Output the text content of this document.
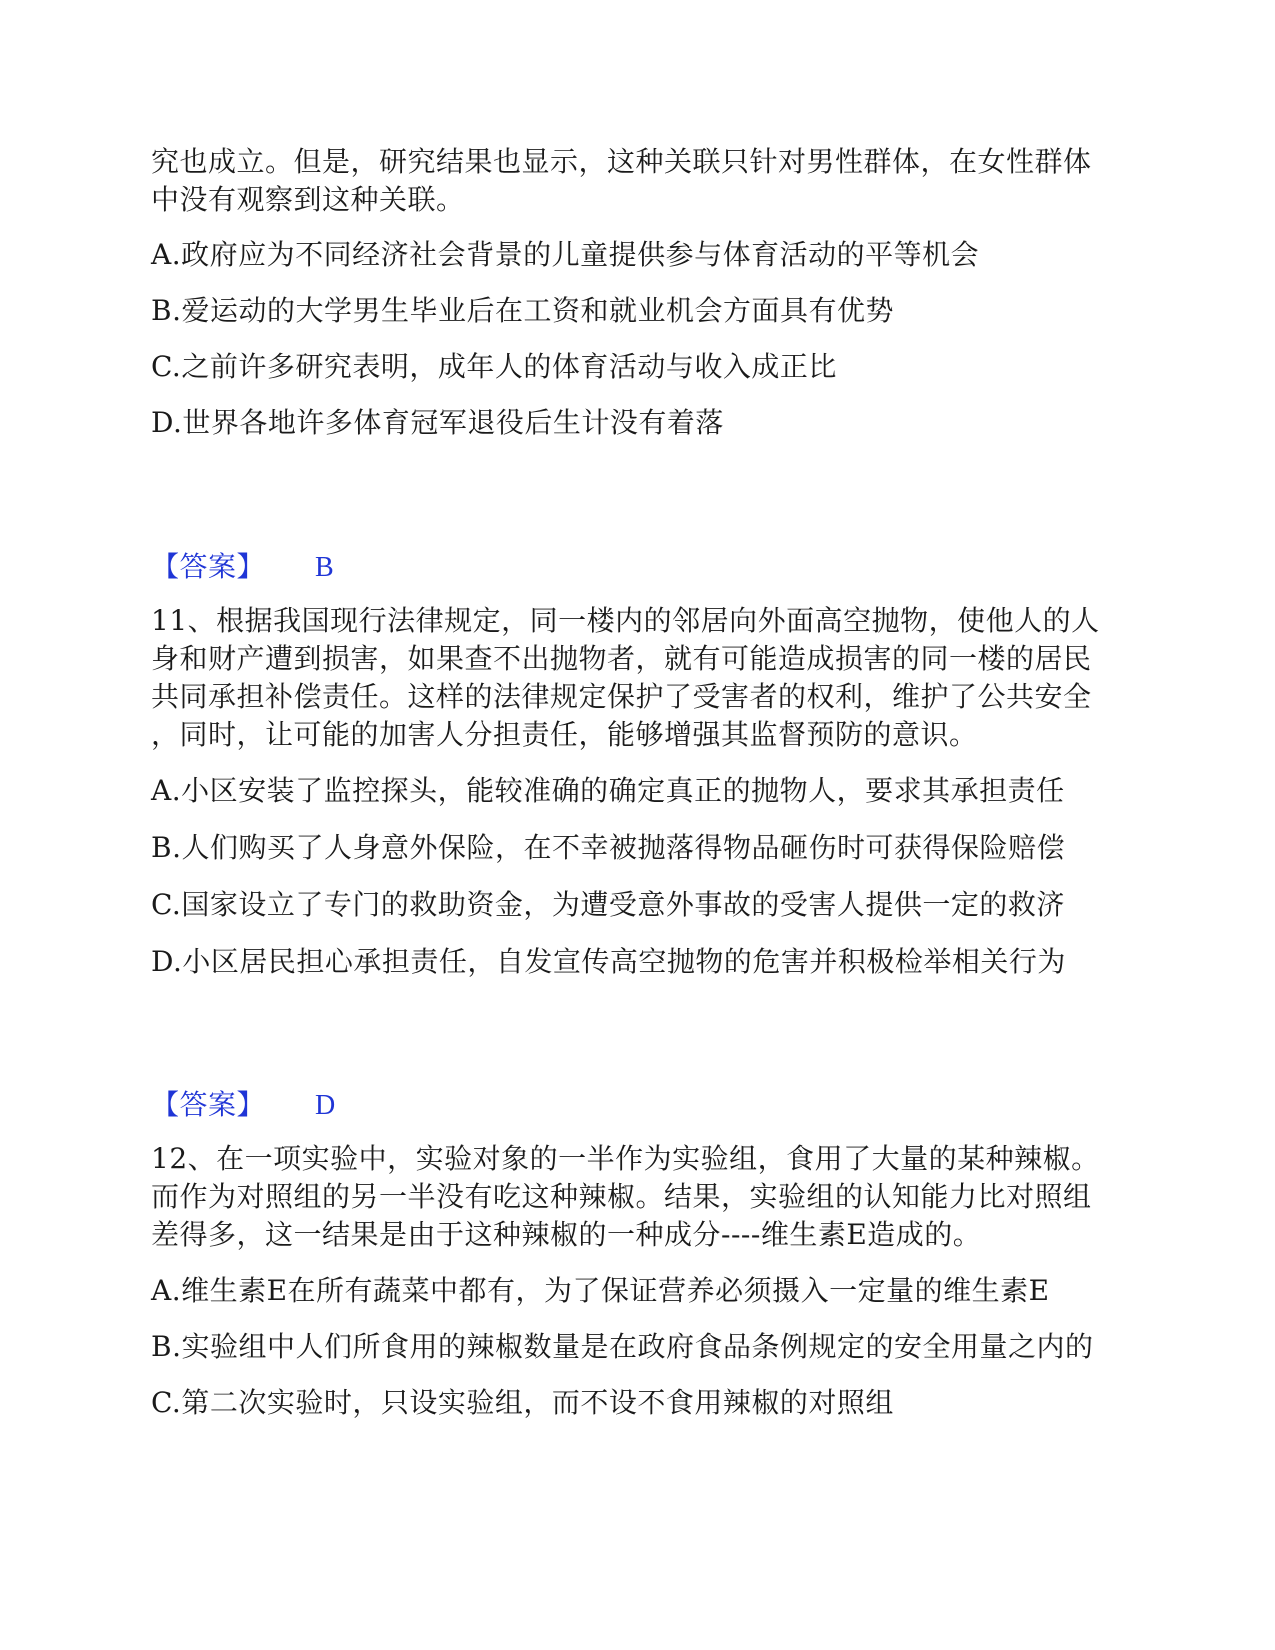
究也成立。但是，研究结果也显示，这种关联只针对男性群体，在女性群体
中没有观察到这种关联。
A.政府应为不同经济社会背景的儿童提供参与体育活动的平等机会
B.爱运动的大学男生毕业后在工资和就业机会方面具有优势
C.之前许多研究表明，成年人的体育活动与收入成正比
D.世界各地许多体育冠军退役后生计没有着落
【答案】 B
11、根据我国现行法律规定，同一楼内的邻居向外面高空抛物，使他人的人
身和财产遭到损害，如果查不出抛物者，就有可能造成损害的同一楼的居民
共同承担补偿责任。这样的法律规定保护了受害者的权利，维护了公共安全
，同时，让可能的加害人分担责任，能够增强其监督预防的意识。
A.小区安装了监控探头，能较准确的确定真正的抛物人，要求其承担责任
B.人们购买了人身意外保险，在不幸被抛落得物品砸伤时可获得保险赔偿
C.国家设立了专门的救助资金，为遭受意外事故的受害人提供一定的救济
D.小区居民担心承担责任，自发宣传高空抛物的危害并积极检举相关行为
【答案】 D
12、在一项实验中，实验对象的一半作为实验组，食用了大量的某种辣椒。
而作为对照组的另一半没有吃这种辣椒。结果，实验组的认知能力比对照组
差得多，这一结果是由于这种辣椒的一种成分----维生素E造成的。
A.维生素E在所有蔬菜中都有，为了保证营养必须摄入一定量的维生素E
B.实验组中人们所食用的辣椒数量是在政府食品条例规定的安全用量之内的
C.第二次实验时，只设实验组，而不设不食用辣椒的对照组
